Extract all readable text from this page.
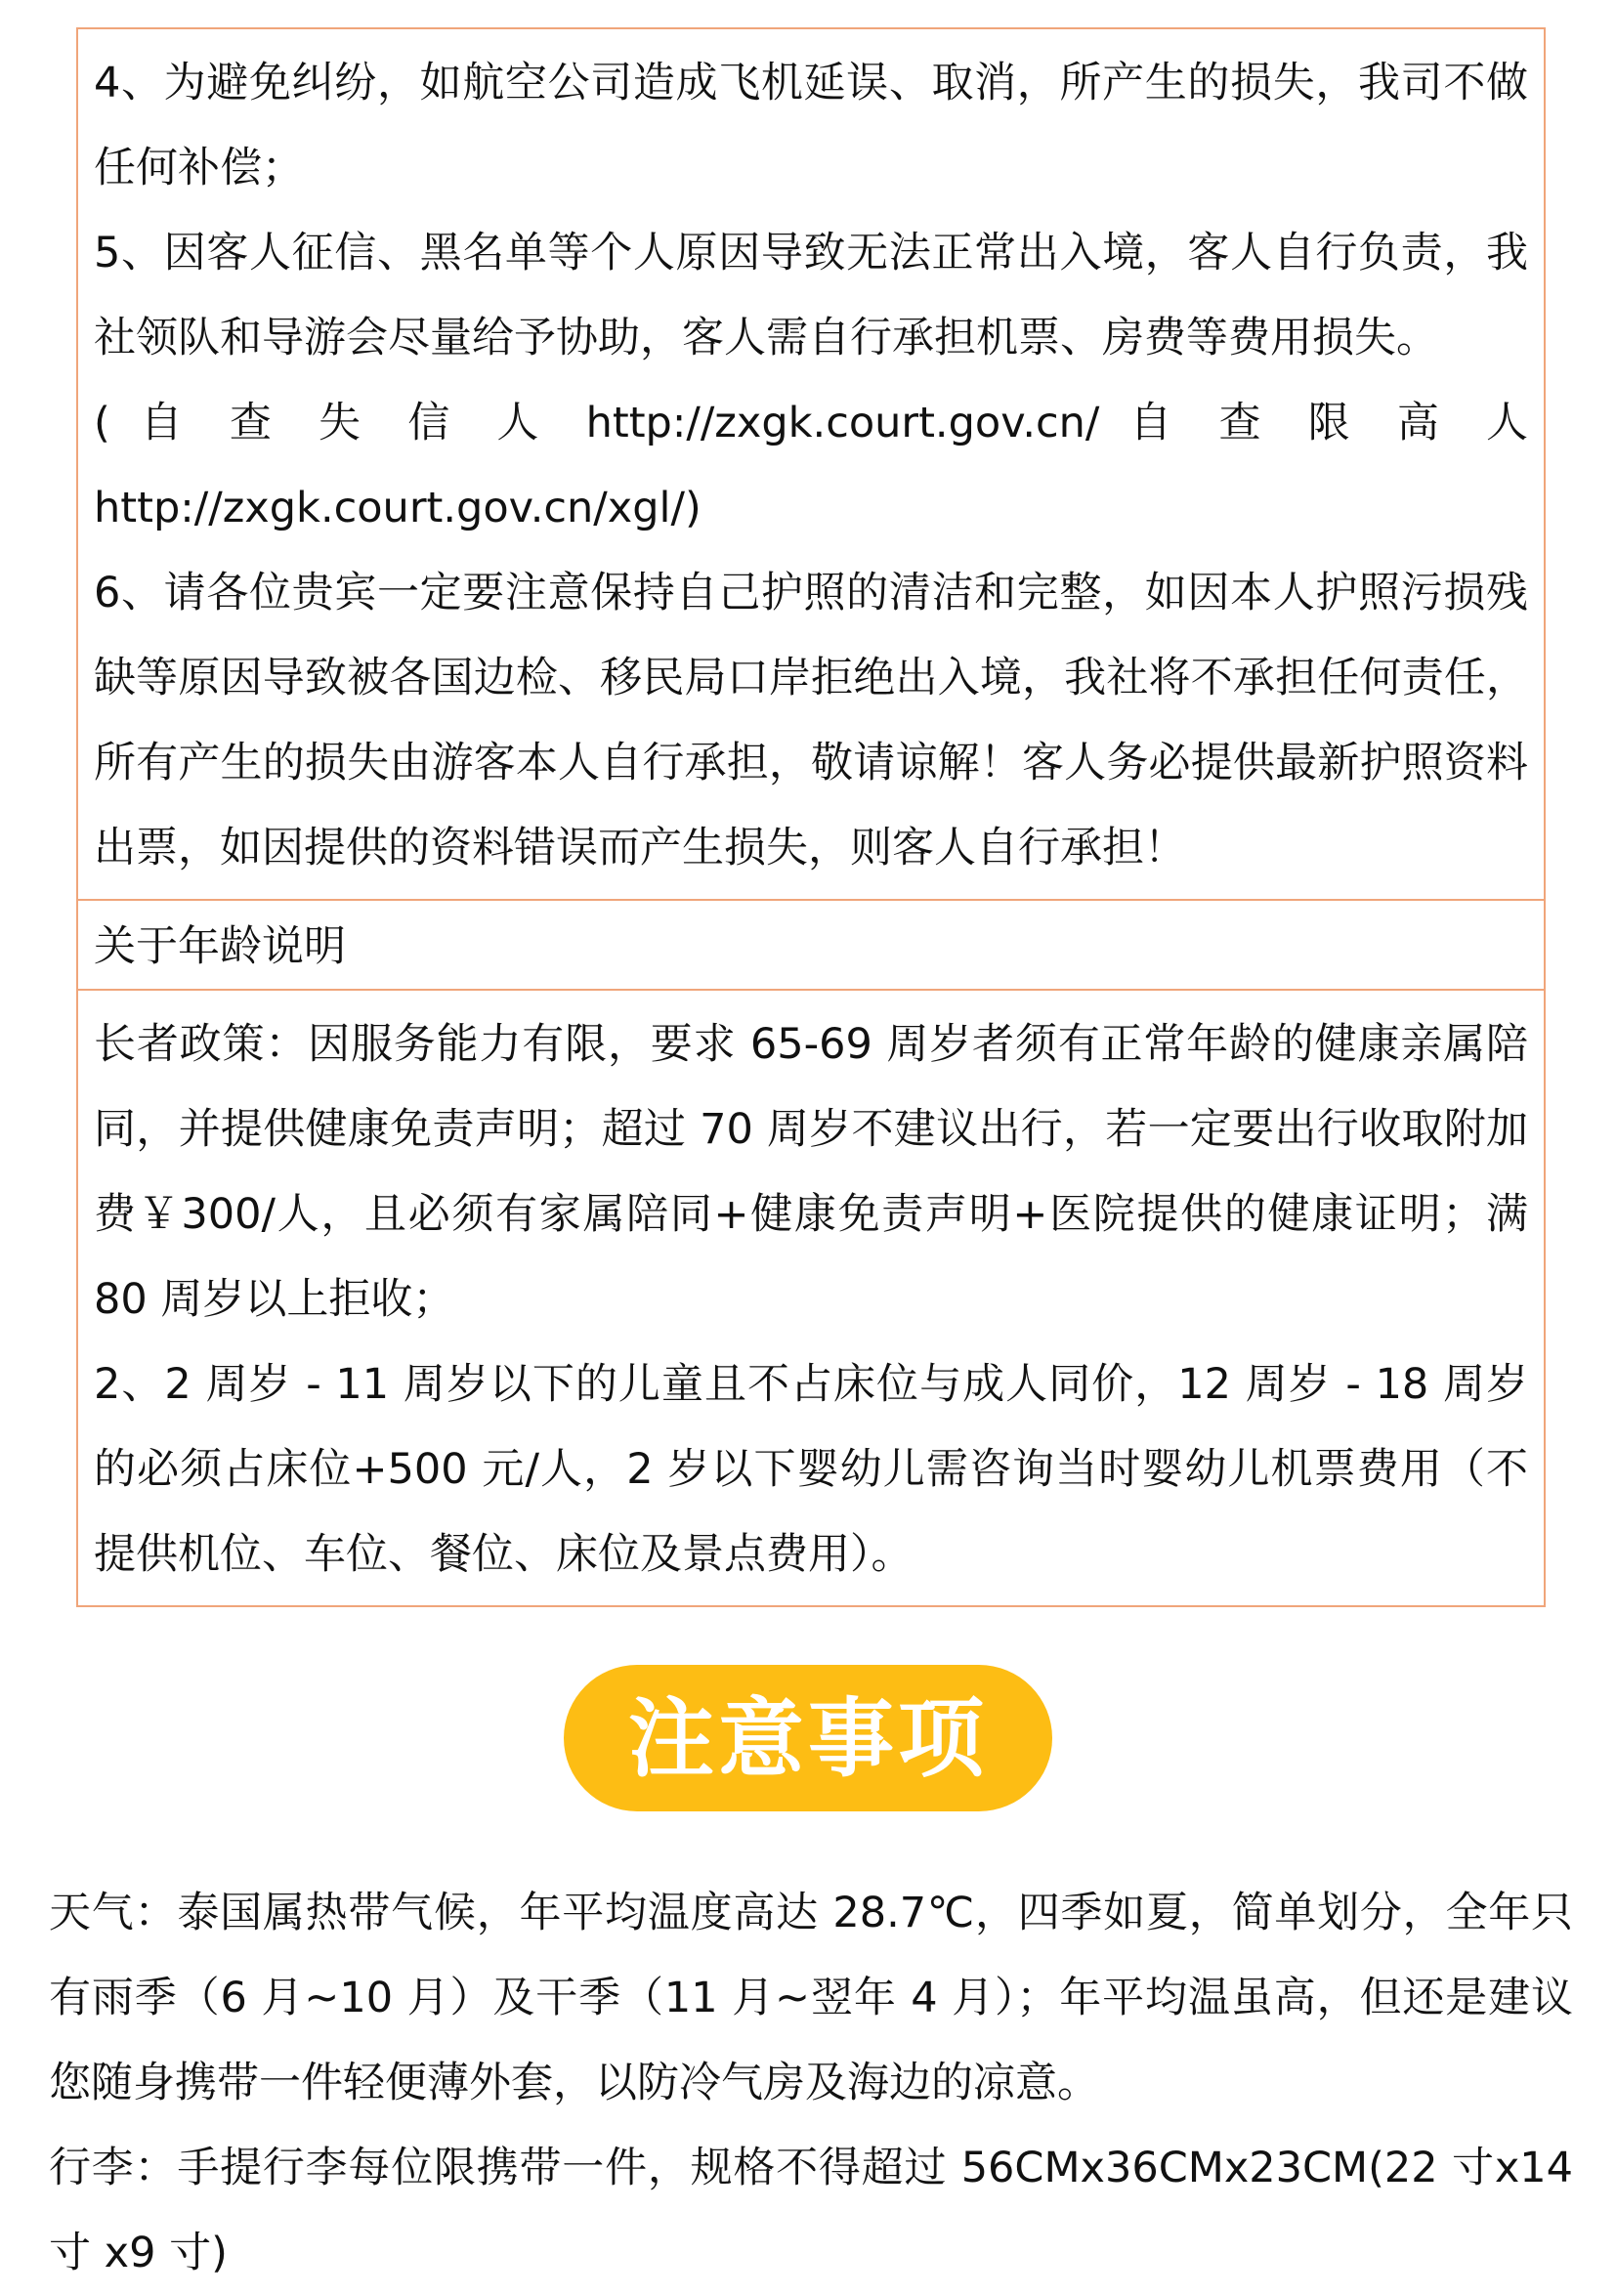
4、为避免纠纷，如航空公司造成飞机延误、取消，所产生的损失，我司不做任何补偿；

5、因客人征信、黑名单等个人原因导致无法正常出入境，客人自行负责，我社领队和导游会尽量给予协助，客人需自行承担机票、房费等费用损失。

( 自 查 失 信 人 http://zxgk.court.gov.cn/ 自 查 限 高 人

http://zxgk.court.gov.cn/xgl/)

6、请各位贵宾一定要注意保持自己护照的清洁和完整，如因本人护照污损残缺等原因导致被各国边检、移民局口岸拒绝出入境，我社将不承担任何责任，所有产生的损失由游客本人自行承担，敬请谅解！客人务必提供最新护照资料出票，如因提供的资料错误而产生损失，则客人自行承担！

关于年龄说明

长者政策：因服务能力有限，要求 65-69 周岁者须有正常年龄的健康亲属陪同，并提供健康免责声明；超过 70 周岁不建议出行，若一定要出行收取附加费￥300/人，且必须有家属陪同+健康免责声明+医院提供的健康证明；满 80 周岁以上拒收；

2、2 周岁 - 11 周岁以下的儿童且不占床位与成人同价，12 周岁 - 18 周岁的必须占床位+500 元/人，2 岁以下婴幼儿需咨询当时婴幼儿机票费用（不提供机位、车位、餐位、床位及景点费用）。

注意事项

天气：泰国属热带气候，年平均温度高达 28.7℃，四季如夏，简单划分，全年只有雨季（6 月~10 月）及干季（11 月~翌年 4 月）；年平均温虽高，但还是建议您随身携带一件轻便薄外套，以防冷气房及海边的凉意。

行李：手提行李每位限携带一件，规格不得超过 56CMx36CMx23CM(22 寸x14 寸 x9 寸)
